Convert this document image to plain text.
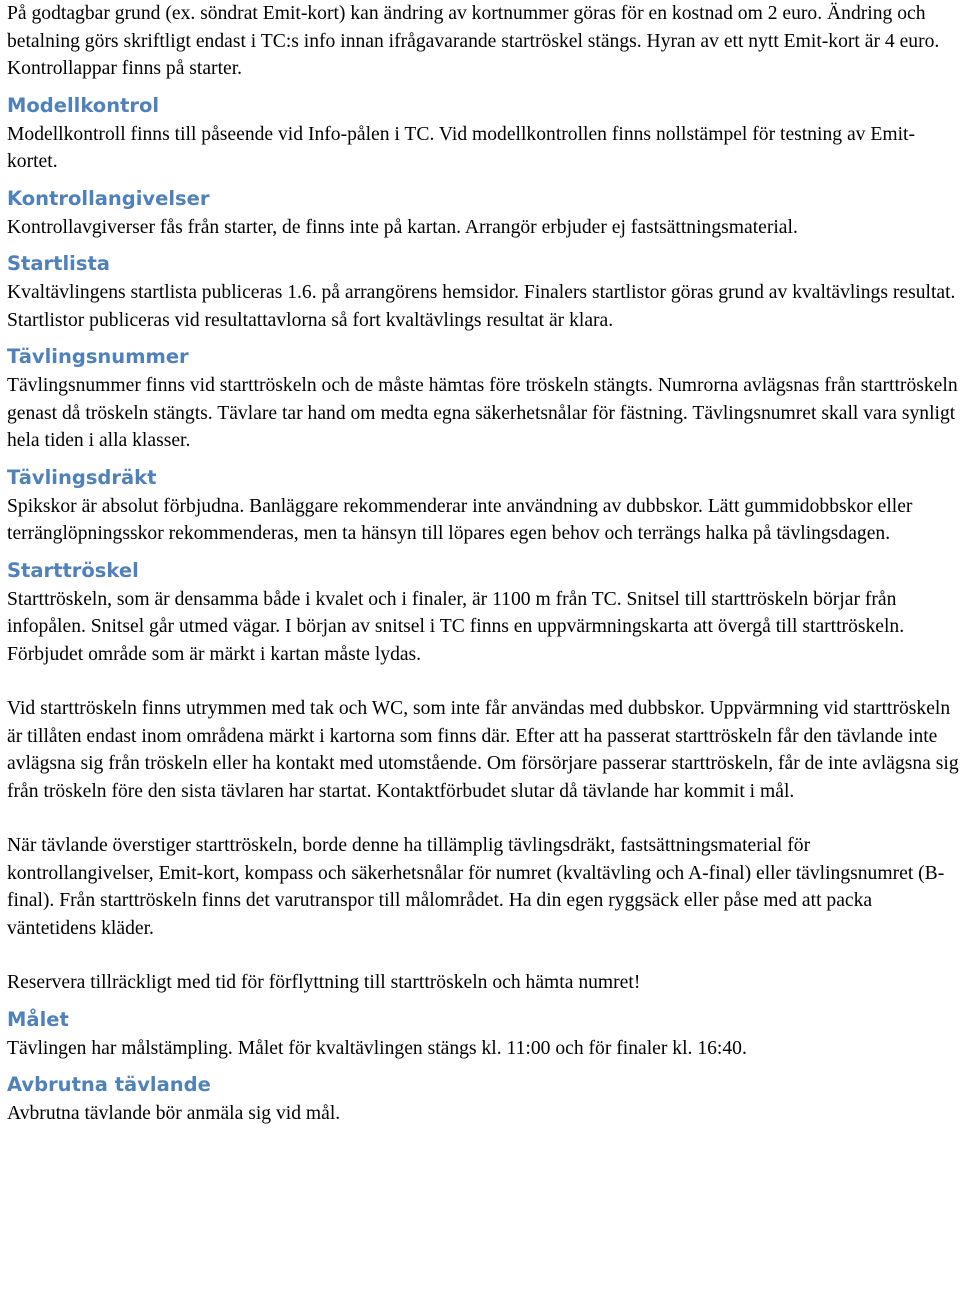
På godtagbar grund (ex. söndrat Emit-kort) kan ändring av kortnummer göras för en kostnad om 2 euro. Ändring och betalning görs skriftligt endast i TC:s info innan ifrågavarande startröskel stängs. Hyran av ett nytt Emit-kort är 4 euro. Kontrollappar finns på starter.

Modellkontrol

Modellkontroll finns till påseende vid Info-pålen i TC. Vid modellkontrollen finns nollstämpel för testning av Emit-kortet.

Kontrollangivelser

Kontrollavgiverser fås från starter, de finns inte på kartan. Arrangör erbjuder ej fastsättningsmaterial.

Startlista

Kvaltävlingens startlista publiceras 1.6. på arrangörens hemsidor. Finalers startlistor göras grund av kvaltävlings resultat. Startlistor publiceras vid resultattavlorna så fort kvaltävlings resultat är klara.

Tävlingsnummer

Tävlingsnummer finns vid starttröskeln och de måste hämtas före tröskeln stängts. Numrorna avlägsnas från starttröskeln genast då tröskeln stängts. Tävlare tar hand om medta egna säkerhetsnålar för fästning. Tävlingsnumret skall vara synligt hela tiden i alla klasser.

Tävlingsdräkt

Spikskor är absolut förbjudna. Banläggare rekommenderar inte användning av dubbskor. Lätt gummidobbskor eller terränglöpningsskor rekommenderas, men ta hänsyn till löpares egen behov och terrängs halka på tävlingsdagen.

Starttröskel

Starttröskeln, som är densamma både i kvalet och i finaler, är 1100 m från TC. Snitsel till starttröskeln börjar från infopålen. Snitsel går utmed vägar. I början av snitsel i TC finns en uppvärmningskarta att övergå till starttröskeln. Förbjudet område som är märkt i kartan måste lydas.

Vid starttröskeln finns utrymmen med tak och WC, som inte får användas med dubbskor. Uppvärmning vid starttröskeln är tillåten endast inom områdena märkt i kartorna som finns där. Efter att ha passerat starttröskeln får den tävlande inte avlägsna sig från tröskeln eller ha kontakt med utomstående. Om försörjare passerar starttröskeln, får de inte avlägsna sig från tröskeln före den sista tävlaren har startat. Kontaktförbudet slutar då tävlande har kommit i mål.

När tävlande överstiger starttröskeln, borde denne ha tillämplig tävlingsdräkt, fastsättningsmaterial för kontrollangivelser, Emit-kort, kompass och säkerhetsnålar för numret (kvaltävling och A-final) eller tävlingsnumret (B-final). Från starttröskeln finns det varutranspor till målområdet. Ha din egen ryggsäck eller påse med att packa väntetidens kläder.

Reservera tillräckligt med tid för förflyttning till starttröskeln och hämta numret!

Målet

Tävlingen har målstämpling. Målet för kvaltävlingen stängs kl. 11:00 och för finaler kl. 16:40.

Avbrutna tävlande

Avbrutna tävlande bör anmäla sig vid mål.
